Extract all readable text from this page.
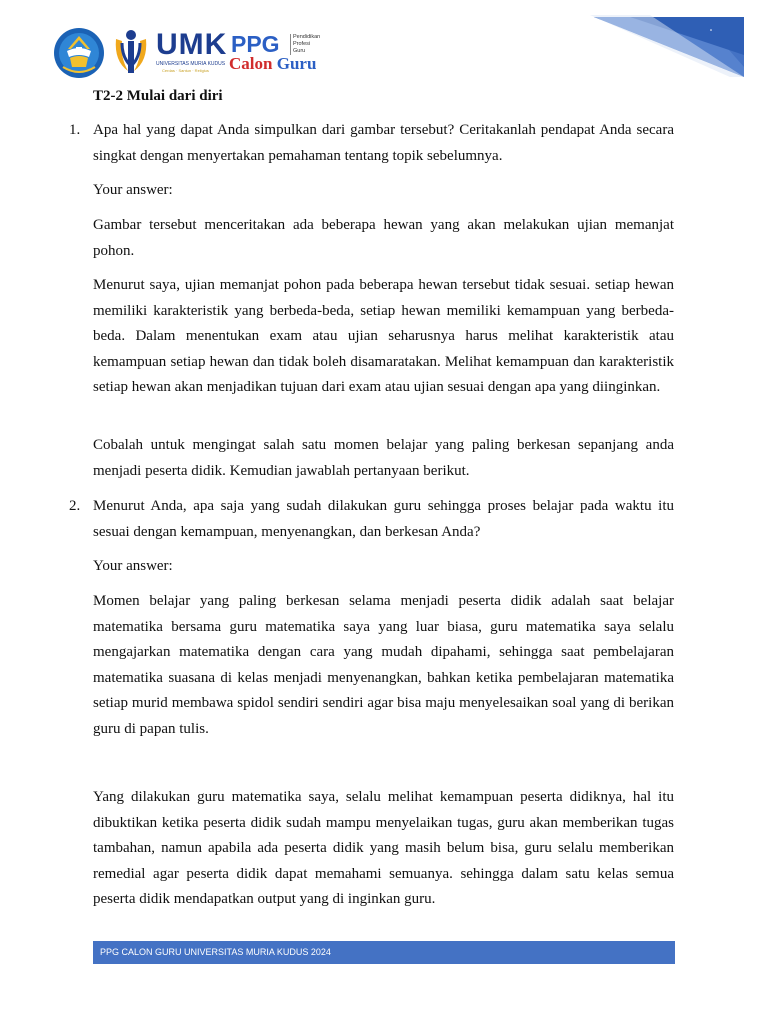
UMK
UNIVERSITAS MURIA KUDUS
Cerdas · Santun · Religius
PPG Pendidikan
Profesi
Guru
Calon Guru
T2-2 Mulai dari diri
1. Apa hal yang dapat Anda simpulkan dari gambar tersebut? Ceritakanlah pendapat Anda secara singkat dengan menyertakan pemahaman tentang topik sebelumnya.

Your answer:

Gambar tersebut menceritakan ada beberapa hewan yang akan melakukan ujian memanjat pohon.

Menurut saya, ujian memanjat pohon pada beberapa hewan tersebut tidak sesuai. setiap hewan memiliki karakteristik yang berbeda-beda, setiap hewan memiliki kemampuan yang berbeda-beda. Dalam menentukan exam atau ujian seharusnya harus melihat karakteristik atau kemampuan setiap hewan dan tidak boleh disamaratakan. Melihat kemampuan dan karakteristik setiap hewan akan menjadikan tujuan dari exam atau ujian sesuai dengan apa yang diinginkan.

Cobalah untuk mengingat salah satu momen belajar yang paling berkesan sepanjang anda menjadi peserta didik. Kemudian jawablah pertanyaan berikut.

2. Menurut Anda, apa saja yang sudah dilakukan guru sehingga proses belajar pada waktu itu sesuai dengan kemampuan, menyenangkan, dan berkesan Anda?

Your answer:

Momen belajar yang paling berkesan selama menjadi peserta didik adalah saat belajar matematika bersama guru matematika saya yang luar biasa, guru matematika saya selalu mengajarkan matematika dengan cara yang mudah dipahami, sehingga saat pembelajaran matematika suasana di kelas menjadi menyenangkan, bahkan ketika pembelajaran matematika setiap murid membawa spidol sendiri sendiri agar bisa maju menyelesaikan soal yang di berikan guru di papan tulis.

Yang dilakukan guru matematika saya, selalu melihat kemampuan peserta didiknya, hal itu dibuktikan ketika peserta didik sudah mampu menyelaikan tugas, guru akan memberikan tugas tambahan, namun apabila ada peserta didik yang masih belum bisa, guru selalu memberikan remedial agar peserta didik dapat memahami semuanya. sehingga dalam satu kelas semua peserta didik mendapatkan output yang di inginkan guru.

PPG CALON GURU UNIVERSITAS MURIA KUDUS 2024
